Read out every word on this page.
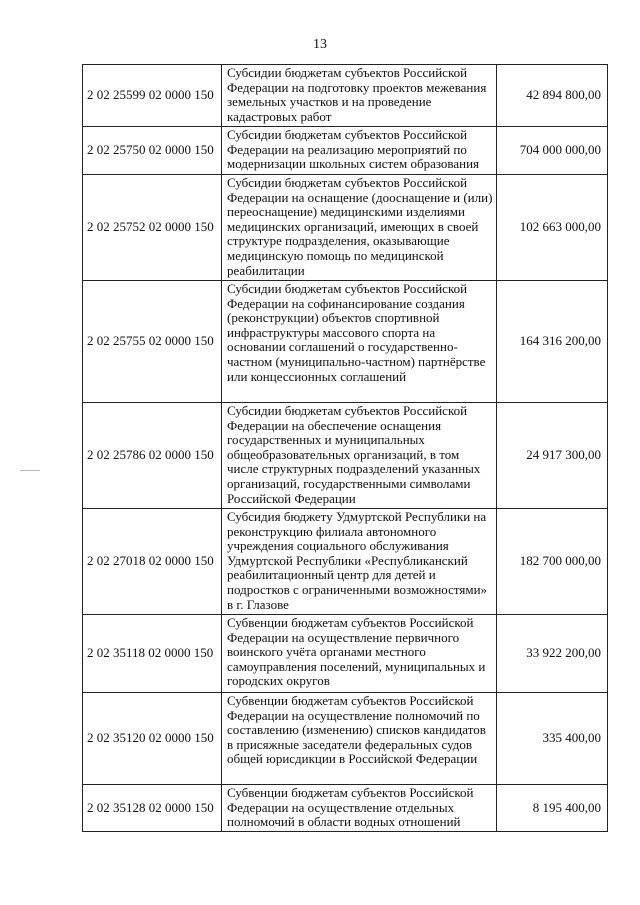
13
2 02 25599 02 0000 150	Субсидии бюджетам субъектов Российской Федерации на подготовку проектов межевания земельных участков и на проведение кадастровых работ	42 894 800,00
2 02 25750 02 0000 150	Субсидии бюджетам субъектов Российской Федерации на реализацию мероприятий по модернизации школьных систем образования	704 000 000,00
2 02 25752 02 0000 150	Субсидии бюджетам субъектов Российской Федерации на оснащение (дооснащение и (или) переоснащение) медицинскими изделиями медицинских организаций, имеющих в своей структуре подразделения, оказывающие медицинскую помощь по медицинской реабилитации	102 663 000,00
2 02 25755 02 0000 150	Субсидии бюджетам субъектов Российской Федерации на софинансирование создания (реконструкции) объектов спортивной инфраструктуры массового спорта на основании соглашений о государственно-частном (муниципально-частном) партнёрстве или концессионных соглашений	164 316 200,00
2 02 25786 02 0000 150	Субсидии бюджетам субъектов Российской Федерации на обеспечение оснащения государственных и муниципальных общеобразовательных организаций, в том числе структурных подразделений указанных организаций, государственными символами Российской Федерации	24 917 300,00
2 02 27018 02 0000 150	Субсидия бюджету Удмуртской Республики на реконструкцию филиала автономного учреждения социального обслуживания Удмуртской Республики «Республиканский реабилитационный центр для детей и подростков с ограниченными возможностями» в г. Глазове	182 700 000,00
2 02 35118 02 0000 150	Субвенции бюджетам субъектов Российской Федерации на осуществление первичного воинского учёта органами местного самоуправления поселений, муниципальных и городских округов	33 922 200,00
2 02 35120 02 0000 150	Субвенции бюджетам субъектов Российской Федерации на осуществление полномочий по составлению (изменению) списков кандидатов в присяжные заседатели федеральных судов общей юрисдикции в Российской Федерации	335 400,00
2 02 35128 02 0000 150	Субвенции бюджетам субъектов Российской Федерации на осуществление отдельных полномочий в области водных отношений	8 195 400,00
